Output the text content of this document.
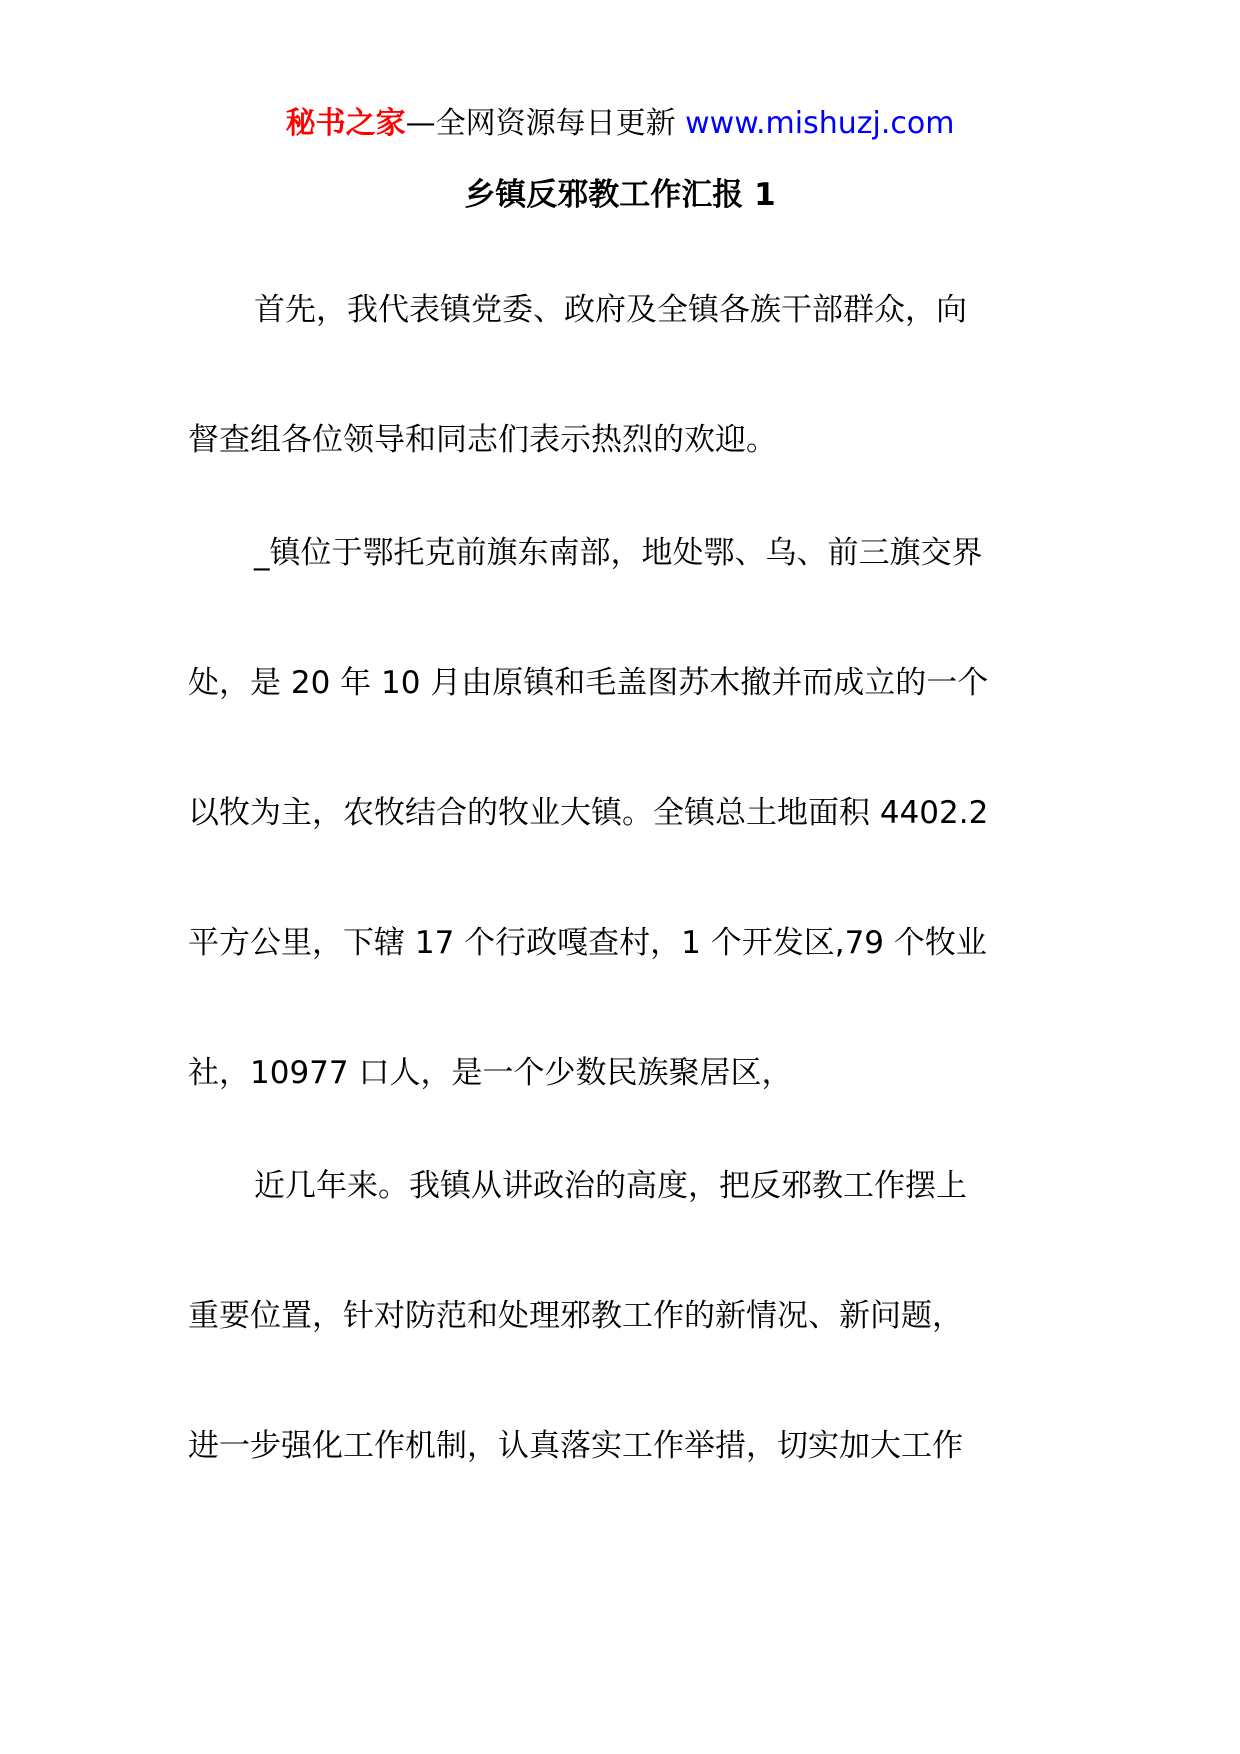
秘书之家—全网资源每日更新 www.mishuzj.com
乡镇反邪教工作汇报 1
首先，我代表镇党委、政府及全镇各族干部群众，向
督查组各位领导和同志们表示热烈的欢迎。
_镇位于鄂托克前旗东南部，地处鄂、乌、前三旗交界
处，是 20 年 10 月由原镇和毛盖图苏木撤并而成立的一个
以牧为主，农牧结合的牧业大镇。全镇总土地面积 4402.2
平方公里，下辖 17 个行政嘎查村，1 个开发区,79 个牧业
社，10977 口人，是一个少数民族聚居区，
近几年来。我镇从讲政治的高度，把反邪教工作摆上
重要位置，针对防范和处理邪教工作的新情况、新问题，
进一步强化工作机制，认真落实工作举措，切实加大工作
